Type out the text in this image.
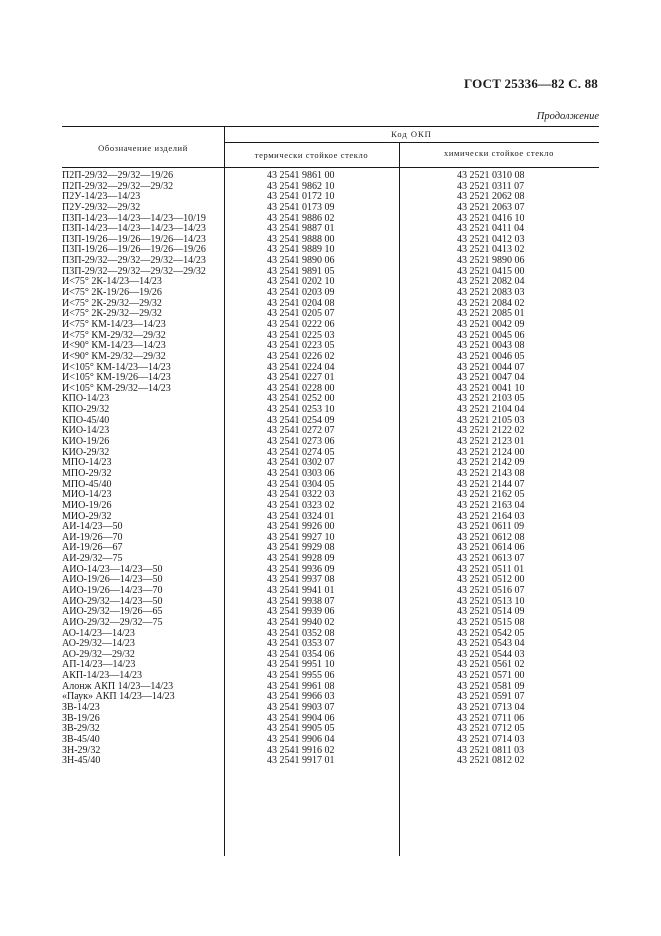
ГОСТ 25336—82 С. 88
Продолжение
Обозначение изделий
Код ОКП
термически стойкое стекло	химически стойкое стекло
П2П-29/32—29/32—19/26	43 2541 9861 00	43 2521 0310 08
П2П-29/32—29/32—29/32	43 2541 9862 10	43 2521 0311 07
П2У-14/23—14/23	43 2541 0172 10	43 2521 2062 08
П2У-29/32—29/32	43 2541 0173 09	43 2521 2063 07
П3П-14/23—14/23—14/23—10/19	43 2541 9886 02	43 2521 0416 10
П3П-14/23—14/23—14/23—14/23	43 2541 9887 01	43 2521 0411 04
П3П-19/26—19/26—19/26—14/23	43 2541 9888 00	43 2521 0412 03
П3П-19/26—19/26—19/26—19/26	43 2541 9889 10	43 2521 0413 02
П3П-29/32—29/32—29/32—14/23	43 2541 9890 06	43 2521 9890 06
П3П-29/32—29/32—29/32—29/32	43 2541 9891 05	43 2521 0415 00
И<75° 2К-14/23—14/23	43 2541 0202 10	43 2521 2082 04
И<75° 2К-19/26—19/26	43 2541 0203 09	43 2521 2083 03
И<75° 2К-29/32—29/32	43 2541 0204 08	43 2521 2084 02
И<75° 2К-29/32—29/32	43 2541 0205 07	43 2521 2085 01
И<75° КМ-14/23—14/23	43 2541 0222 06	43 2521 0042 09
И<75° КМ-29/32—29/32	43 2541 0225 03	43 2521 0045 06
И<90° КМ-14/23—14/23	43 2541 0223 05	43 2521 0043 08
И<90° КМ-29/32—29/32	43 2541 0226 02	43 2521 0046 05
И<105° КМ-14/23—14/23	43 2541 0224 04	43 2521 0044 07
И<105° КМ-19/26—14/23	43 2541 0227 01	43 2521 0047 04
И<105° КМ-29/32—14/23	43 2541 0228 00	43 2521 0041 10
КПО-14/23	43 2541 0252 00	43 2521 2103 05
КПО-29/32	43 2541 0253 10	43 2521 2104 04
КПО-45/40	43 2541 0254 09	43 2521 2105 03
КИО-14/23	43 2541 0272 07	43 2521 2122 02
КИО-19/26	43 2541 0273 06	43 2521 2123 01
КИО-29/32	43 2541 0274 05	43 2521 2124 00
МПО-14/23	43 2541 0302 07	43 2521 2142 09
МПО-29/32	43 2541 0303 06	43 2521 2143 08
МПО-45/40	43 2541 0304 05	43 2521 2144 07
МИО-14/23	43 2541 0322 03	43 2521 2162 05
МИО-19/26	43 2541 0323 02	43 2521 2163 04
МИО-29/32	43 2541 0324 01	43 2521 2164 03
АИ-14/23—50	43 2541 9926 00	43 2521 0611 09
АИ-19/26—70	43 2541 9927 10	43 2521 0612 08
АИ-19/26—67	43 2541 9929 08	43 2521 0614 06
АИ-29/32—75	43 2541 9928 09	43 2521 0613 07
АИО-14/23—14/23—50	43 2541 9936 09	43 2521 0511 01
АИО-19/26—14/23—50	43 2541 9937 08	43 2521 0512 00
АИО-19/26—14/23—70	43 2541 9941 01	43 2521 0516 07
АИО-29/32—14/23—50	43 2541 9938 07	43 2521 0513 10
АИО-29/32—19/26—65	43 2541 9939 06	43 2521 0514 09
АИО-29/32—29/32—75	43 2541 9940 02	43 2521 0515 08
АО-14/23—14/23	43 2541 0352 08	43 2521 0542 05
АО-29/32—14/23	43 2541 0353 07	43 2521 0543 04
АО-29/32—29/32	43 2541 0354 06	43 2521 0544 03
АП-14/23—14/23	43 2541 9951 10	43 2521 0561 02
АКП-14/23—14/23	43 2541 9955 06	43 2521 0571 00
Алонж АКП 14/23—14/23	43 2541 9961 08	43 2521 0581 09
«Паук» АКП 14/23—14/23	43 2541 9966 03	43 2521 0591 07
ЗВ-14/23	43 2541 9903 07	43 2521 0713 04
ЗВ-19/26	43 2541 9904 06	43 2521 0711 06
ЗВ-29/32	43 2541 9905 05	43 2521 0712 05
ЗВ-45/40	43 2541 9906 04	43 2521 0714 03
ЗН-29/32	43 2541 9916 02	43 2521 0811 03
ЗН-45/40	43 2541 9917 01	43 2521 0812 02
